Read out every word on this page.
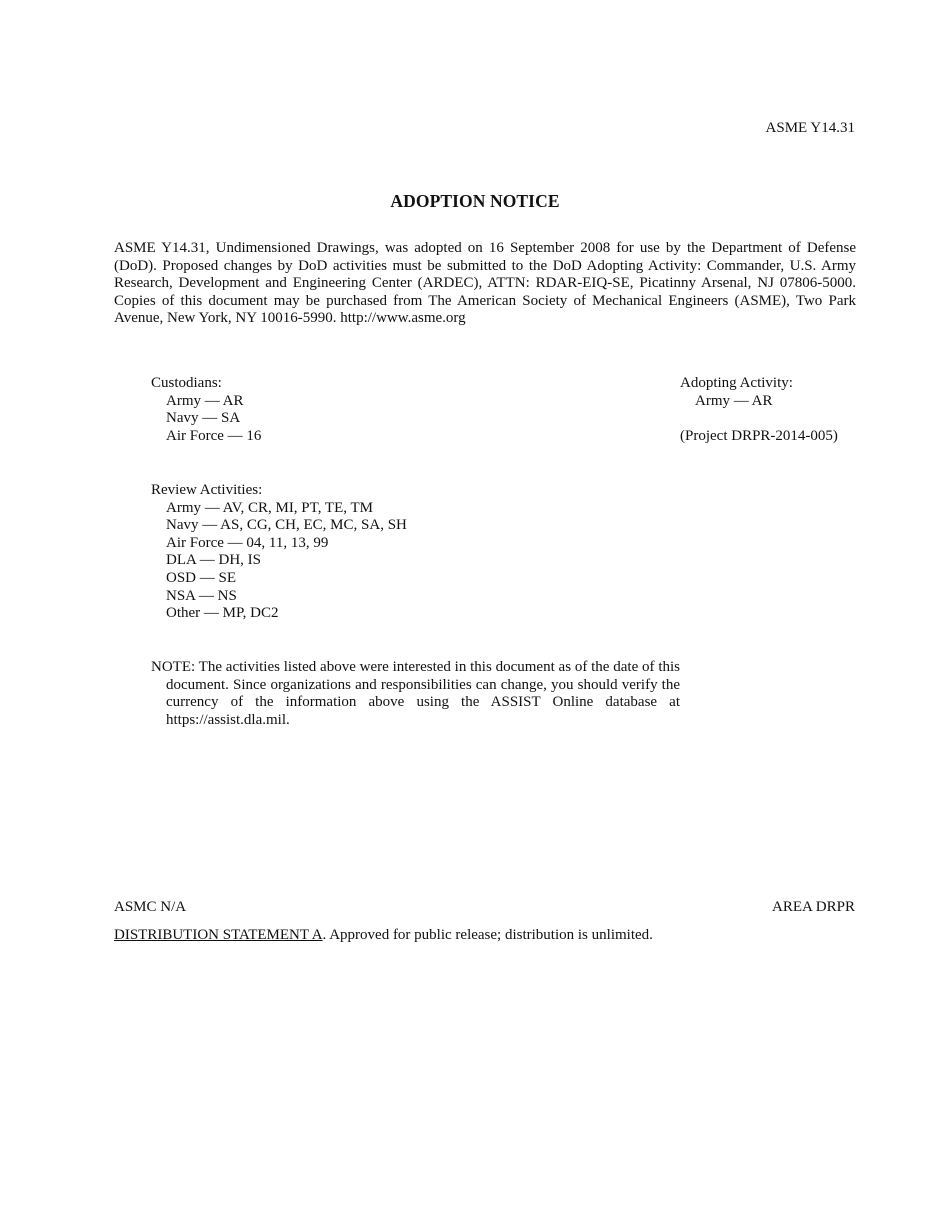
ASME Y14.31
ADOPTION NOTICE
ASME Y14.31, Undimensioned Drawings, was adopted on 16 September 2008 for use by the Department of Defense (DoD). Proposed changes by DoD activities must be submitted to the DoD Adopting Activity: Commander, U.S. Army Research, Development and Engineering Center (ARDEC), ATTN: RDAR-EIQ-SE, Picatinny Arsenal, NJ 07806-5000. Copies of this document may be purchased from The American Society of Mechanical Engineers (ASME), Two Park Avenue, New York, NY 10016-5990. http://www.asme.org
Custodians:
Army — AR
Navy — SA
Air Force — 16
Adopting Activity:
Army — AR
(Project DRPR-2014-005)
Review Activities:
Army — AV, CR, MI, PT, TE, TM
Navy — AS, CG, CH, EC, MC, SA, SH
Air Force — 04, 11, 13, 99
DLA — DH, IS
OSD — SE
NSA — NS
Other — MP, DC2
NOTE: The activities listed above were interested in this document as of the date of this document. Since organizations and responsibilities can change, you should verify the currency of the information above using the ASSIST Online database at https://assist.dla.mil.
ASMC N/A	AREA DRPR
DISTRIBUTION STATEMENT A. Approved for public release; distribution is unlimited.
